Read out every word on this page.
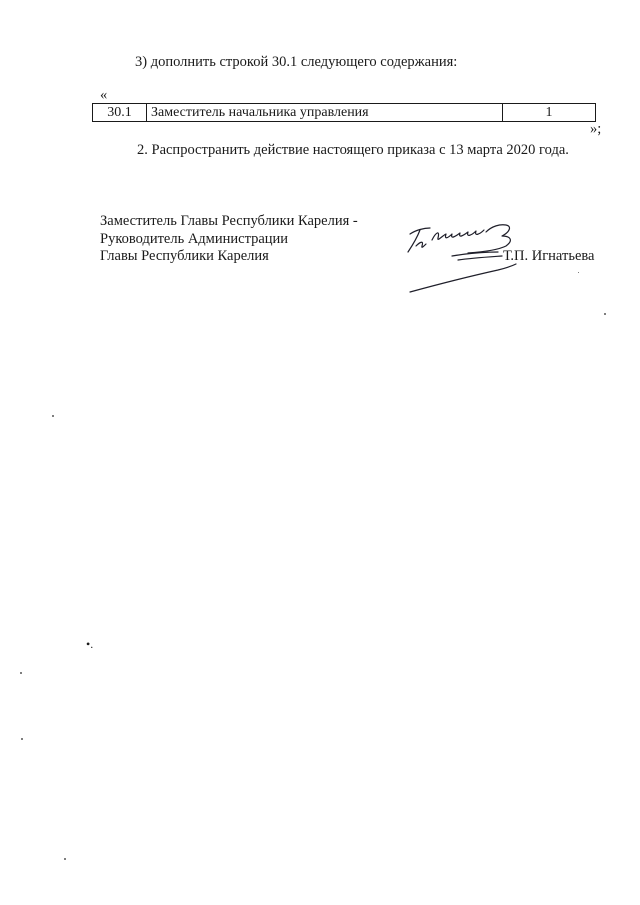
3) дополнить строкой 30.1 следующего содержания:
«
30.1	Заместитель начальника управления	1
»;
2. Распространить действие настоящего приказа с 13 марта 2020 года.
Заместитель Главы Республики Карелия -
Руководитель Администрации
Главы Республики Карелия	Т.П. Игнатьева
•.
